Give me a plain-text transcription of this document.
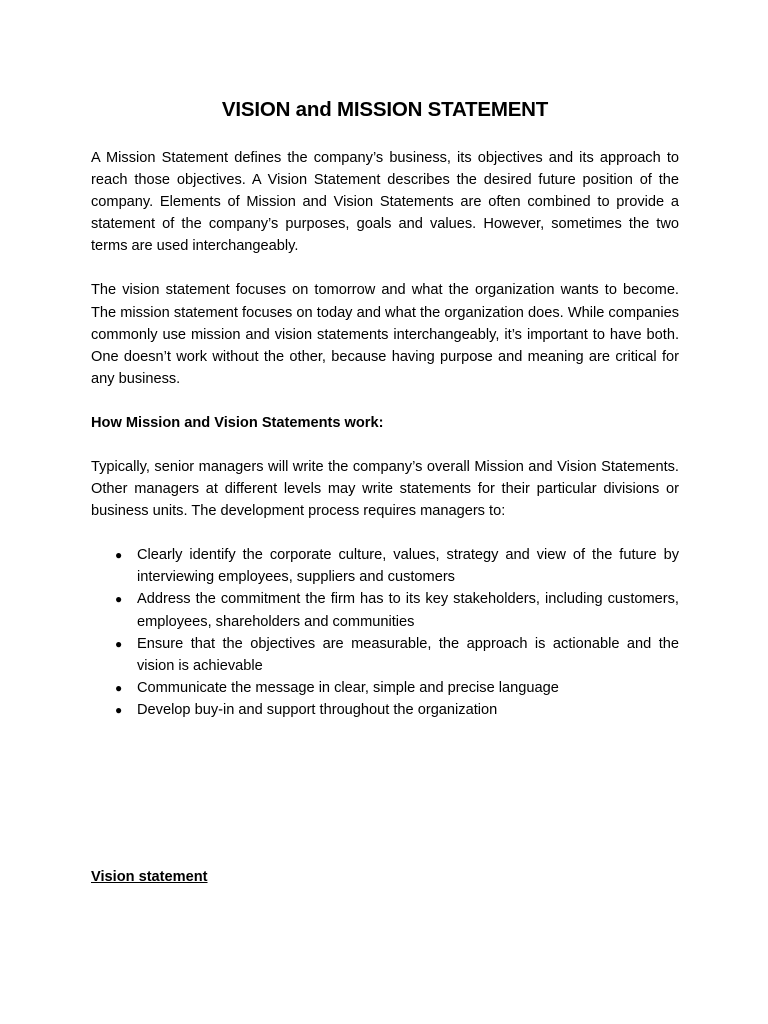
VISION and MISSION STATEMENT

A Mission Statement defines the company’s business, its objectives and its approach to reach those objectives. A Vision Statement describes the desired future position of the company. Elements of Mission and Vision Statements are often combined to provide a statement of the company’s purposes, goals and values. However, sometimes the two terms are used interchangeably.

The vision statement focuses on tomorrow and what the organization wants to become. The mission statement focuses on today and what the organization does. While companies commonly use mission and vision statements interchangeably, it’s important to have both. One doesn’t work without the other, because having purpose and meaning are critical for any business.

How Mission and Vision Statements work:

Typically, senior managers will write the company’s overall Mission and Vision Statements. Other managers at different levels may write statements for their particular divisions or business units. The development process requires managers to:

● Clearly identify the corporate culture, values, strategy and view of the future by interviewing employees, suppliers and customers
● Address the commitment the firm has to its key stakeholders, including customers, employees, shareholders and communities
● Ensure that the objectives are measurable, the approach is actionable and the vision is achievable
● Communicate the message in clear, simple and precise language
● Develop buy-in and support throughout the organization
Vision statement
